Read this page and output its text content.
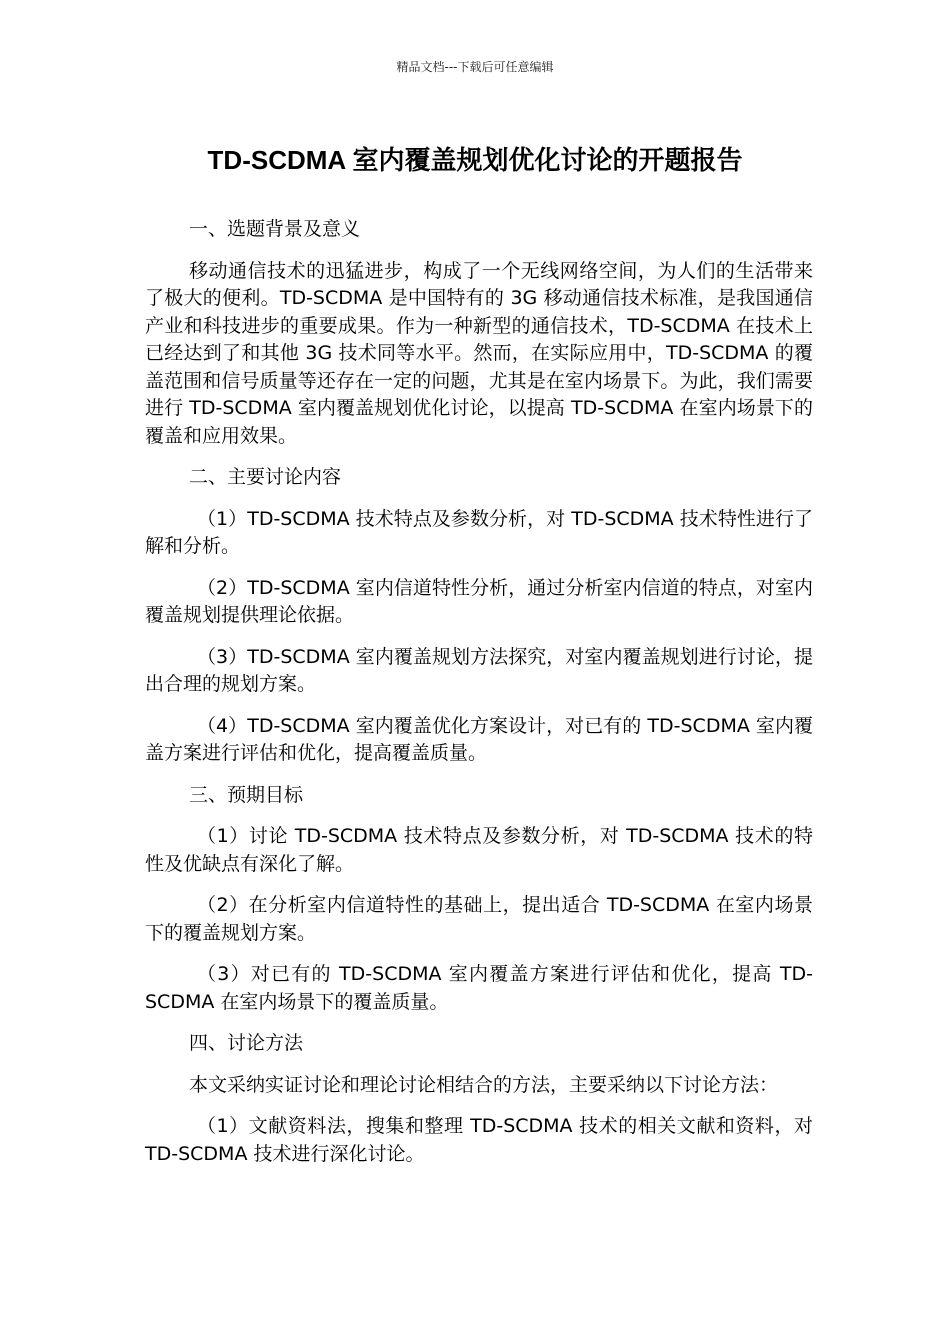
精品文档---下载后可任意编辑
TD-SCDMA 室内覆盖规划优化讨论的开题报告

一、选题背景及意义

移动通信技术的迅猛进步，构成了一个无线网络空间，为人们的生活带来了极大的便利。TD-SCDMA 是中国特有的 3G 移动通信技术标准，是我国通信产业和科技进步的重要成果。作为一种新型的通信技术，TD-SCDMA 在技术上已经达到了和其他 3G 技术同等水平。然而，在实际应用中，TD-SCDMA 的覆盖范围和信号质量等还存在一定的问题，尤其是在室内场景下。为此，我们需要进行 TD-SCDMA 室内覆盖规划优化讨论，以提高 TD-SCDMA 在室内场景下的覆盖和应用效果。

二、主要讨论内容

（1）TD-SCDMA 技术特点及参数分析，对 TD-SCDMA 技术特性进行了解和分析。

（2）TD-SCDMA 室内信道特性分析，通过分析室内信道的特点，对室内覆盖规划提供理论依据。

（3）TD-SCDMA 室内覆盖规划方法探究，对室内覆盖规划进行讨论，提出合理的规划方案。

（4）TD-SCDMA 室内覆盖优化方案设计，对已有的 TD-SCDMA 室内覆盖方案进行评估和优化，提高覆盖质量。

三、预期目标

（1）讨论 TD-SCDMA 技术特点及参数分析，对 TD-SCDMA 技术的特性及优缺点有深化了解。

（2）在分析室内信道特性的基础上，提出适合 TD-SCDMA 在室内场景下的覆盖规划方案。

（3）对已有的 TD-SCDMA 室内覆盖方案进行评估和优化，提高 TD-SCDMA 在室内场景下的覆盖质量。

四、讨论方法

本文采纳实证讨论和理论讨论相结合的方法，主要采纳以下讨论方法：

（1）文献资料法，搜集和整理 TD-SCDMA 技术的相关文献和资料，对 TD-SCDMA 技术进行深化讨论。
